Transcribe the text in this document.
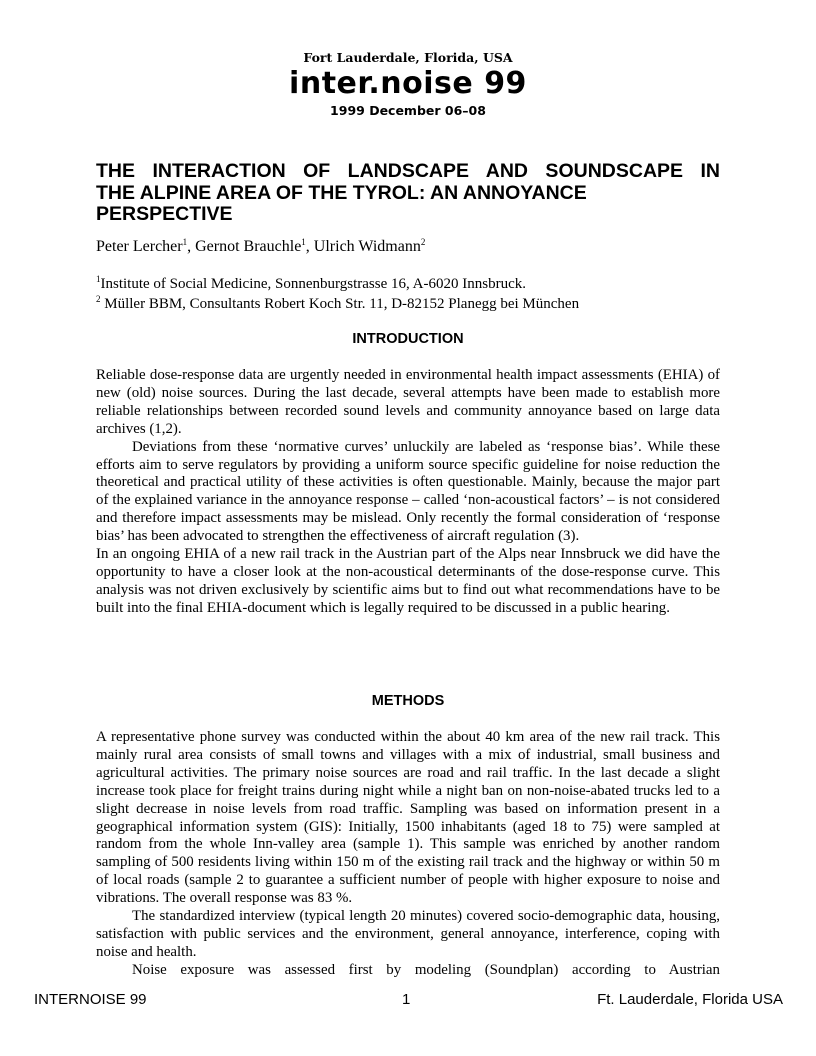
Fort Lauderdale, Florida, USA
inter.noise 99
1999 December 06–08
THE INTERACTION OF LANDSCAPE AND SOUNDSCAPE IN
THE ALPINE AREA OF THE TYROL: AN ANNOYANCE
PERSPECTIVE
Peter Lercher$^1$, Gernot Brauchle$^1$, Ulrich Widmann$^2$
$^1$Institute of Social Medicine, Sonnenburgstrasse 16, A-6020 Innsbruck.
$^2$ Müller BBM, Consultants Robert Koch Str. 11, D-82152 Planegg bei München
INTRODUCTION

Reliable dose-response data are urgently needed in environmental health impact assessments (EHIA) of new (old) noise sources. During the last decade, several attempts have been made to establish more reliable relationships between recorded sound levels and community annoyance based on large data archives (1,2).

Deviations from these ‘normative curves’ unluckily are labeled as ‘response bias’. While these efforts aim to serve regulators by providing a uniform source specific guideline for noise reduction the theoretical and practical utility of these activities is often questionable. Mainly, because the major part of the explained variance in the annoyance response – called ‘non-acoustical factors’ – is not considered and therefore impact assessments may be mislead. Only recently the formal consideration of ‘response bias’ has been advocated to strengthen the effectiveness of aircraft regulation (3).

In an ongoing EHIA of a new rail track in the Austrian part of the Alps near Innsbruck we did have the opportunity to have a closer look at the non-acoustical determinants of the dose-response curve. This analysis was not driven exclusively by scientific aims but to find out what recommendations have to be built into the final EHIA-document which is legally required to be discussed in a public hearing.

METHODS

A representative phone survey was conducted within the about 40 km area of the new rail track. This mainly rural area consists of small towns and villages with a mix of industrial, small business and agricultural activities. The primary noise sources are road and rail traffic. In the last decade a slight increase took place for freight trains during night while a night ban on non-noise-abated trucks led to a slight decrease in noise levels from road traffic. Sampling was based on information present in a geographical information system (GIS): Initially, 1500 inhabitants (aged 18 to 75) were sampled at random from the whole Inn-valley area (sample 1). This sample was enriched by another random sampling of 500 residents living within 150 m of the existing rail track and the highway or within 50 m of local roads (sample 2 to guarantee a sufficient number of people with higher exposure to noise and vibrations. The overall response was 83 %.

The standardized interview (typical length 20 minutes) covered socio-demographic data, housing, satisfaction with public services and the environment, general annoyance, interference, coping with noise and health.

Noise exposure was assessed first by modeling (Soundplan) according to Austrian

INTERNOISE 99	1	Ft. Lauderdale, Florida USA
